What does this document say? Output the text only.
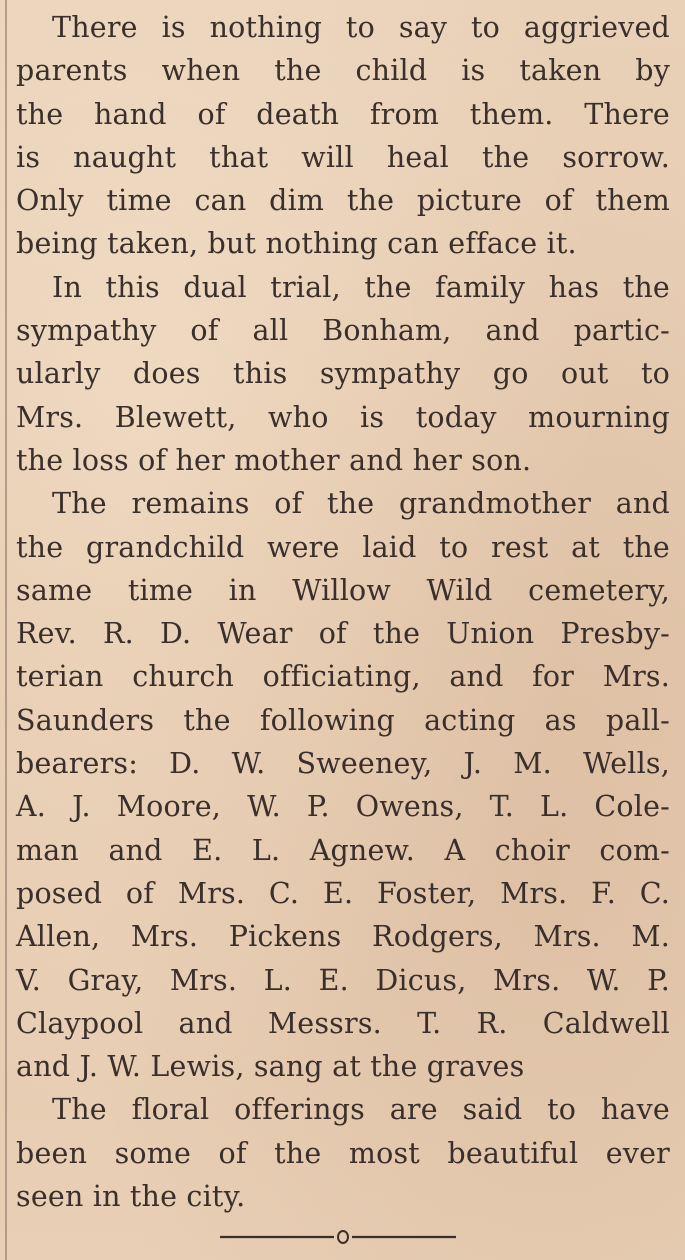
There is nothing to say to aggrieved
parents when the child is taken by
the hand of death from them. There
is naught that will heal the sorrow.
Only time can dim the picture of them
being taken, but nothing can efface it.
In this dual trial, the family has the
sympathy of all Bonham, and partic-
ularly does this sympathy go out to
Mrs. Blewett, who is today mourning
the loss of her mother and her son.
The remains of the grandmother and
the grandchild were laid to rest at the
same time in Willow Wild cemetery,
Rev. R. D. Wear of the Union Presby-
terian church officiating, and for Mrs.
Saunders the following acting as pall-
bearers: D. W. Sweeney, J. M. Wells,
A. J. Moore, W. P. Owens, T. L. Cole-
man and E. L. Agnew. A choir com-
posed of Mrs. C. E. Foster, Mrs. F. C.
Allen, Mrs. Pickens Rodgers, Mrs. M.
V. Gray, Mrs. L. E. Dicus, Mrs. W. P.
Claypool and Messrs. T. R. Caldwell
and J. W. Lewis, sang at the graves
The floral offerings are said to have
been some of the most beautiful ever
seen in the city.
